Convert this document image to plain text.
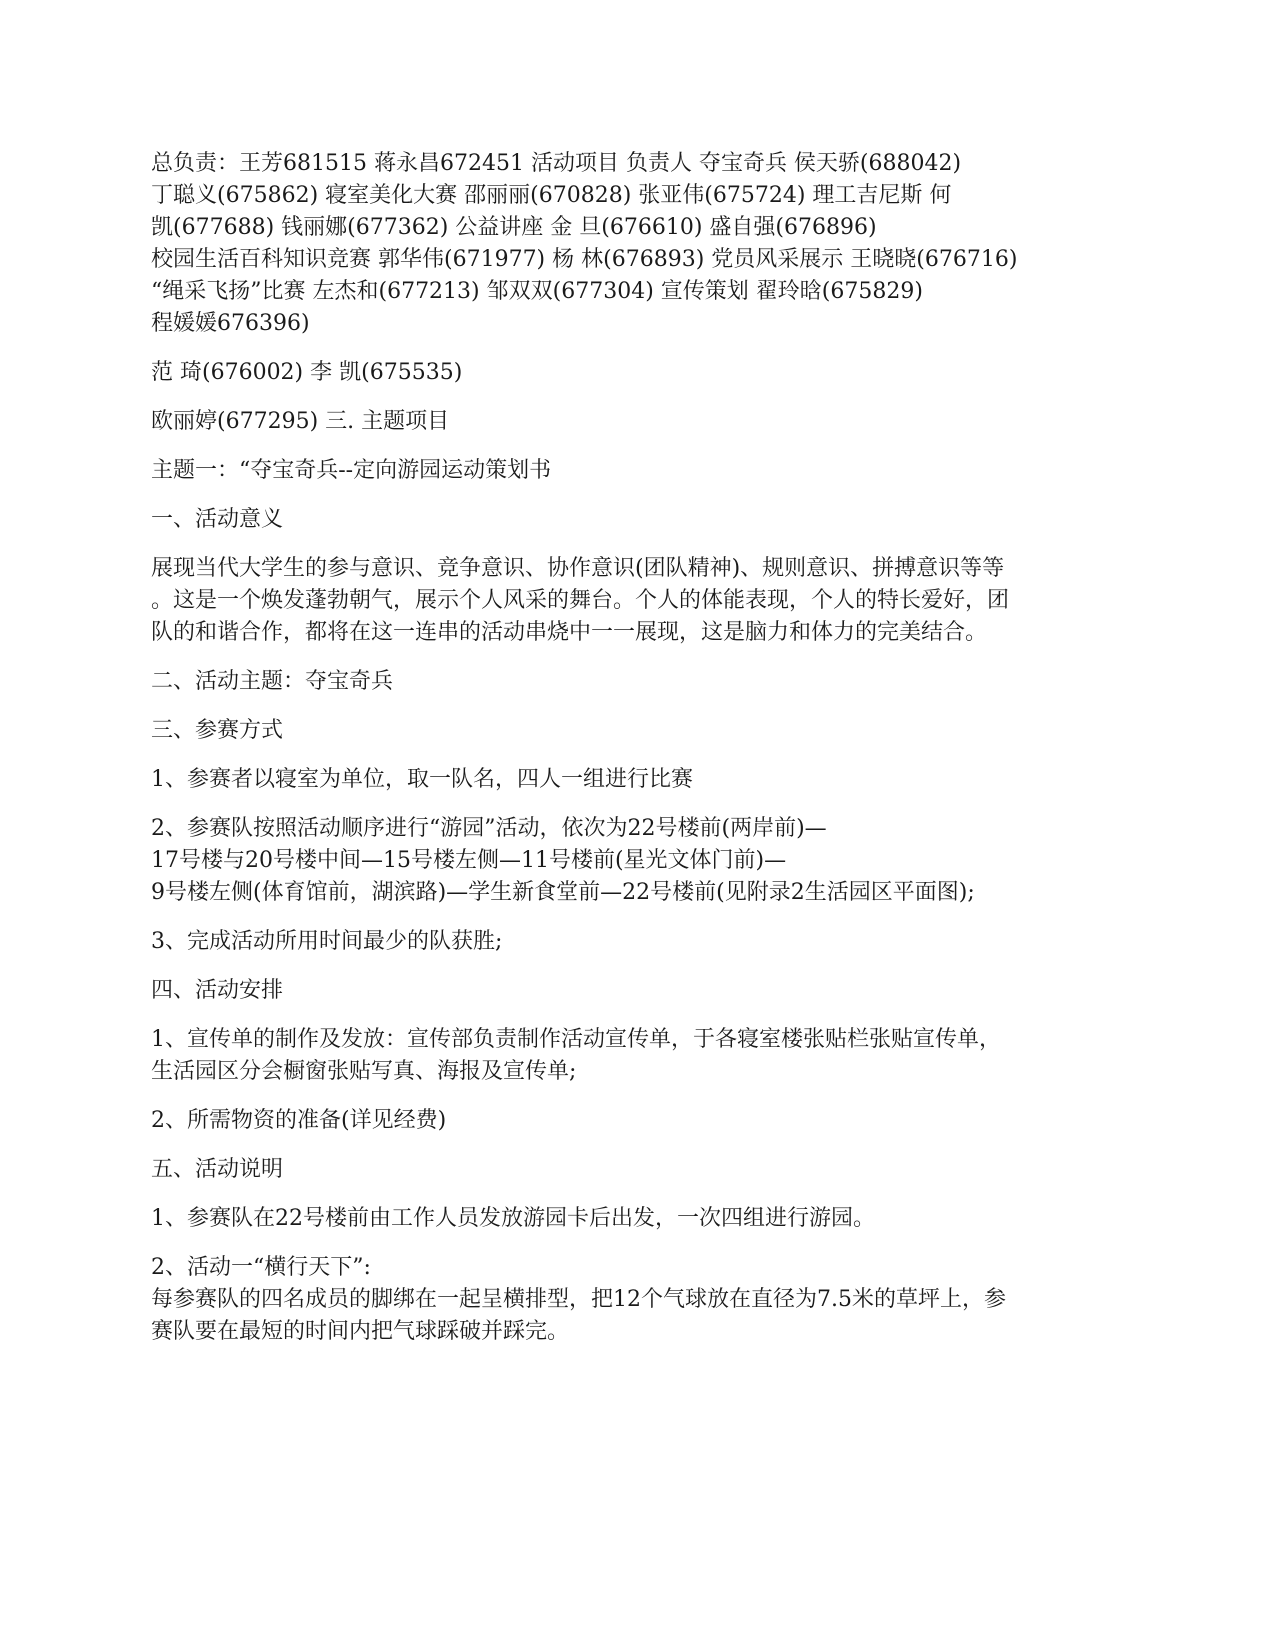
总负责：王芳681515 蒋永昌672451 活动项目 负责人 夺宝奇兵 侯天骄(688042)
丁聪义(675862) 寝室美化大赛 邵丽丽(670828) 张亚伟(675724) 理工吉尼斯 何
凯(677688) 钱丽娜(677362) 公益讲座 金 旦(676610) 盛自强(676896)
校园生活百科知识竞赛 郭华伟(671977) 杨 林(676893) 党员风采展示 王晓晓(676716)
“绳采飞扬”比赛 左杰和(677213) 邹双双(677304) 宣传策划 翟玲晗(675829)
程媛媛676396)
范 琦(676002) 李 凯(675535)
欧丽婷(677295) 三. 主题项目
主题一：“夺宝奇兵--定向游园运动策划书
一、活动意义
展现当代大学生的参与意识、竞争意识、协作意识(团队精神)、规则意识、拼搏意识等等
。这是一个焕发蓬勃朝气，展示个人风采的舞台。个人的体能表现，个人的特长爱好，团
队的和谐合作，都将在这一连串的活动串烧中一一展现，这是脑力和体力的完美结合。
二、活动主题：夺宝奇兵
三、参赛方式
1、参赛者以寝室为单位，取一队名，四人一组进行比赛
2、参赛队按照活动顺序进行“游园”活动，依次为22号楼前(两岸前)—
17号楼与20号楼中间—15号楼左侧—11号楼前(星光文体门前)—
9号楼左侧(体育馆前，湖滨路)—学生新食堂前—22号楼前(见附录2生活园区平面图);
3、完成活动所用时间最少的队获胜;
四、活动安排
1、宣传单的制作及发放：宣传部负责制作活动宣传单，于各寝室楼张贴栏张贴宣传单，
生活园区分会橱窗张贴写真、海报及宣传单;
2、所需物资的准备(详见经费)
五、活动说明
1、参赛队在22号楼前由工作人员发放游园卡后出发，一次四组进行游园。
2、活动一“横行天下”:
每参赛队的四名成员的脚绑在一起呈横排型，把12个气球放在直径为7.5米的草坪上，参
赛队要在最短的时间内把气球踩破并踩完。
